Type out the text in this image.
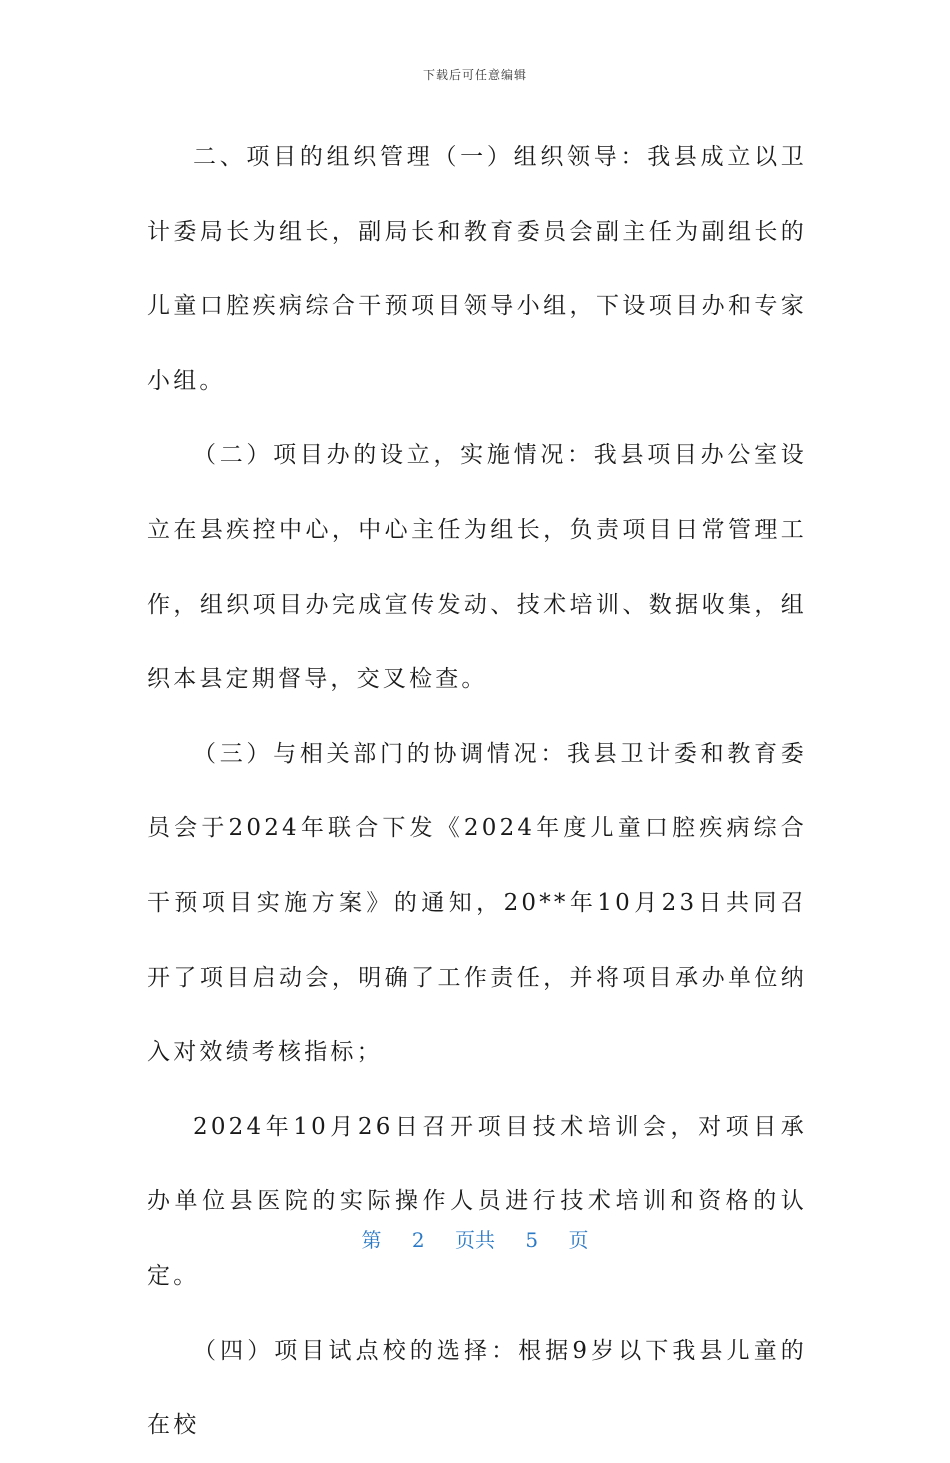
下载后可任意编辑

二、项目的组织管理（一）组织领导：我县成立以卫计委局长为组长，副局长和教育委员会副主任为副组长的儿童口腔疾病综合干预项目领导小组，下设项目办和专家小组。

（二）项目办的设立，实施情况：我县项目办公室设立在县疾控中心，中心主任为组长，负责项目日常管理工作，组织项目办完成宣传发动、技术培训、数据收集，组织本县定期督导，交叉检查。

（三）与相关部门的协调情况：我县卫计委和教育委员会于2024年联合下发《2024年度儿童口腔疾病综合干预项目实施方案》的通知，20**年10月23日共同召开了项目启动会，明确了工作责任，并将项目承办单位纳入对效绩考核指标；

2024年10月26日召开项目技术培训会，对项目承办单位县医院的实际操作人员进行技术培训和资格的认定。

（四）项目试点校的选择：根据9岁以下我县儿童的在校

第 2 页共 5 页
